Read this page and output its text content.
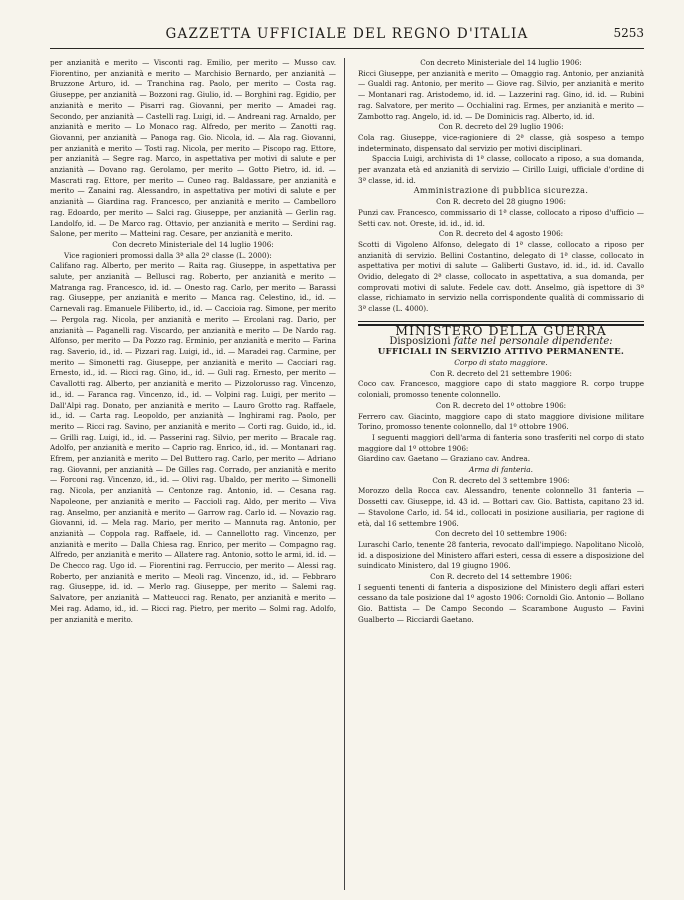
GAZZETTA UFFICIALE DEL REGNO D'ITALIA	5253

per anzianità e merito — Visconti rag. Emilio, per merito — Musso cav. Fiorentino, per anzianità e merito — Marchisio Bernardo, per anzianità — Bruzzone Arturo, id. — Tranchina rag. Paolo, per merito — Costa rag. Giuseppe, per anzianità — Bozzoni rag. Giulio, id. — Borghini rag. Egidio, per anzianità e merito — Pisarri rag. Giovanni, per merito — Amadei rag. Secondo, per anzianità — Castelli rag. Luigi, id. — Andreani rag. Arnaldo, per anzianità e merito — Lo Monaco rag. Alfredo, per merito — Zanotti rag. Giovanni, per anzianità — Panoga rag. Gio. Nicola, id. — Ala rag. Giovanni, per anzianità e merito — Tosti rag. Nicola, per merito — Piscopo rag. Ettore, per anzianità — Segre rag. Marco, in aspettativa per motivi di salute e per anzianità — Dovano rag. Gerolamo, per merito — Gotto Pietro, id. id. — Mascrati rag. Ettore, per merito — Cuneo rag. Baldassare, per anzianità e merito — Zanaini rag. Alessandro, in aspettativa per motivi di salute e per anzianità — Giardina rag. Francesco, per anzianità e merito — Cambelloro rag. Edoardo, per merito — Salci rag. Giuseppe, per anzianità — Gerlin rag. Landolfo, id. — De Marco rag. Ottavio, per anzianità e merito — Serdini rag. Salone, per merito — Matteini rag. Cesare, per anzianità e merito.

Con decreto Ministeriale del 14 luglio 1906:

Vice ragionieri promossi dalla 3ª alla 2ª classe (L. 2000):

Califano rag. Alberto, per merito — Raita rag. Giuseppe, in aspettativa per salute, per anzianità — Bellusci rag. Roberto, per anzianità e merito — Matranga rag. Francesco, id. id. — Onesto rag. Carlo, per merito — Barassi rag. Giuseppe, per anzianità e merito — Manca rag. Celestino, id., id. — Carnevali rag. Emanuele Filiberto, id., id. — Caccioia rag. Simone, per merito — Pergola rag. Nicola, per anzianità e merito — Ercolani rag. Dario, per anzianità — Paganelli rag. Viscardo, per anzianità e merito — De Nardo rag. Alfonso, per merito — Da Pozzo rag. Erminio, per anzianità e merito — Farina rag. Saverio, id., id. — Pizzari rag. Luigi, id., id. — Maradei rag. Carmine, per merito — Simonetti rag. Giuseppe, per anzianità e merito — Cacciari rag. Ernesto, id., id. — Ricci rag. Gino, id., id. — Guli rag. Ernesto, per merito — Cavallotti rag. Alberto, per anzianità e merito — Pizzolorusso rag. Vincenzo, id., id. — Faranca rag. Vincenzo, id., id. — Volpini rag. Luigi, per merito — Dall'Alpi rag. Donato, per anzianità e merito — Lauro Grotto rag. Raffaele, id., id. — Carta rag. Leopoldo, per anzianità — Inghirami rag. Paolo, per merito — Ricci rag. Savino, per anzianità e merito — Corti rag. Guido, id., id. — Grilli rag. Luigi, id., id. — Passerini rag. Silvio, per merito — Bracale rag. Adolfo, per anzianità e merito — Caprio rag. Enrico, id., id. — Montanari rag. Efrem, per anzianità e merito — Del Buttero rag. Carlo, per merito — Adriano rag. Giovanni, per anzianità — De Gilles rag. Corrado, per anzianità e merito — Forconi rag. Vincenzo, id., id. — Olivi rag. Ubaldo, per merito — Simonelli rag. Nicola, per anzianità — Centonze rag. Antonio, id. — Cesana rag. Napoleone, per anzianità e merito — Faccioli rag. Aldo, per merito — Viva rag. Anselmo, per anzianità e merito — Garrow rag. Carlo id. — Novazio rag. Giovanni, id. — Mela rag. Mario, per merito — Mannuta rag. Antonio, per anzianità — Coppola rag. Raffaele, id. — Cannellotto rag. Vincenzo, per anzianità e merito — Dalla Chiesa rag. Enrico, per merito — Compagno rag. Alfredo, per anzianità e merito — Allatere rag. Antonio, sotto le armi, id. id. — De Checco rag. Ugo id. — Fiorentini rag. Ferruccio, per merito — Alessi rag. Roberto, per anzianità e merito — Meoli rag. Vincenzo, id., id. — Febbraro rag. Giuseppe, id. id. — Merlo rag. Giuseppe, per merito — Salemi rag. Salvatore, per anzianità — Matteucci rag. Renato, per anzianità e merito — Mei rag. Adamo, id., id. — Ricci rag. Pietro, per merito — Solmi rag. Adolfo, per anzianità e merito.

Con decreto Ministeriale del 14 luglio 1906:

Ricci Giuseppe, per anzianità e merito — Omaggio rag. Antonio, per anzianità — Gualdi rag. Antonio, per merito — Giove rag. Silvio, per anzianità e merito — Montanari rag. Aristodemo, id. id. — Lazzerini rag. Gino, id. id. — Rubini rag. Salvatore, per merito — Occhialini rag. Ermes, per anzianità e merito — Zambotto rag. Angelo, id. id. — De Dominicis rag. Alberto, id. id.

Con R. decreto del 29 luglio 1906:

Cola rag. Giuseppe, vice-ragioniere di 2ª classe, già sospeso a tempo indeterminato, dispensato dal servizio per motivi disciplinari.

Spaccia Luigi, archivista di 1ª classe, collocato a riposo, a sua domanda, per avanzata età ed anzianità di servizio — Cirillo Luigi, ufficiale d'ordine di 3ª classe, id. id.

Amministrazione di pubblica sicurezza.

Con R. decreto del 28 giugno 1906:

Punzi cav. Francesco, commissario di 1ª classe, collocato a riposo d'ufficio — Setti cav. not. Oreste, id. id., id. id.

Con R. decreto del 4 agosto 1906:

Scotti di Vigoleno Alfonso, delegato di 1ª classe, collocato a riposo per anzianità di servizio. Bellini Costantino, delegato di 1ª classe, collocato in aspettativa per motivi di salute — Galiberti Gustavo, id. id., id. id. Cavallo Ovidio, delegato di 2ª classe, collocato in aspettativa, a sua domanda, per comprovati motivi di salute. Fedele cav. dott. Anselmo, già ispettore di 3ª classe, richiamato in servizio nella corrispondente qualità di commissario di 3ª classe (L. 4000).

MINISTERO DELLA GUERRA

Disposizioni fatte nel personale dipendente:

UFFICIALI IN SERVIZIO ATTIVO PERMANENTE.

Corpo di stato maggiore.

Con R. decreto del 21 settembre 1906:

Coco cav. Francesco, maggiore capo di stato maggiore R. corpo truppe coloniali, promosso tenente colonnello.

Con R. decreto del 1º ottobre 1906:

Ferrero cav. Giacinto, maggiore capo di stato maggiore divisione militare Torino, promosso tenente colonnello, dal 1º ottobre 1906.

I seguenti maggiori dell'arma di fanteria sono trasferiti nel corpo di stato maggiore dal 1º ottobre 1906:

Giardino cav. Gaetano — Graziano cav. Andrea.

Arma di fanteria.

Con R. decreto del 3 settembre 1906:

Morozzo della Rocca cav. Alessandro, tenente colonnello 31 fanteria — Dossetti cav. Giuseppe, id. 43 id. — Bottari cav. Gio. Battista, capitano 23 id. — Stavolone Carlo, id. 54 id., collocati in posizione ausiliaria, per ragione di età, dal 16 settembre 1906.

Con decreto del 10 settembre 1906:

Luraschi Carlo, tenente 28 fanteria, revocato dall'impiego. Napolitano Nicolò, id. a disposizione del Ministero affari esteri, cessa di essere a disposizione del suindicato Ministero, dal 19 giugno 1906.

Con R. decreto del 14 settembre 1906:

I seguenti tenenti di fanteria a disposizione del Ministero degli affari esteri cessano da tale posizione dal 1º agosto 1906: Cornoldi Gio. Antonio — Bollano Gio. Battista — De Campo Secondo — Scarambone Augusto — Favini Gualberto — Ricciardi Gaetano.
